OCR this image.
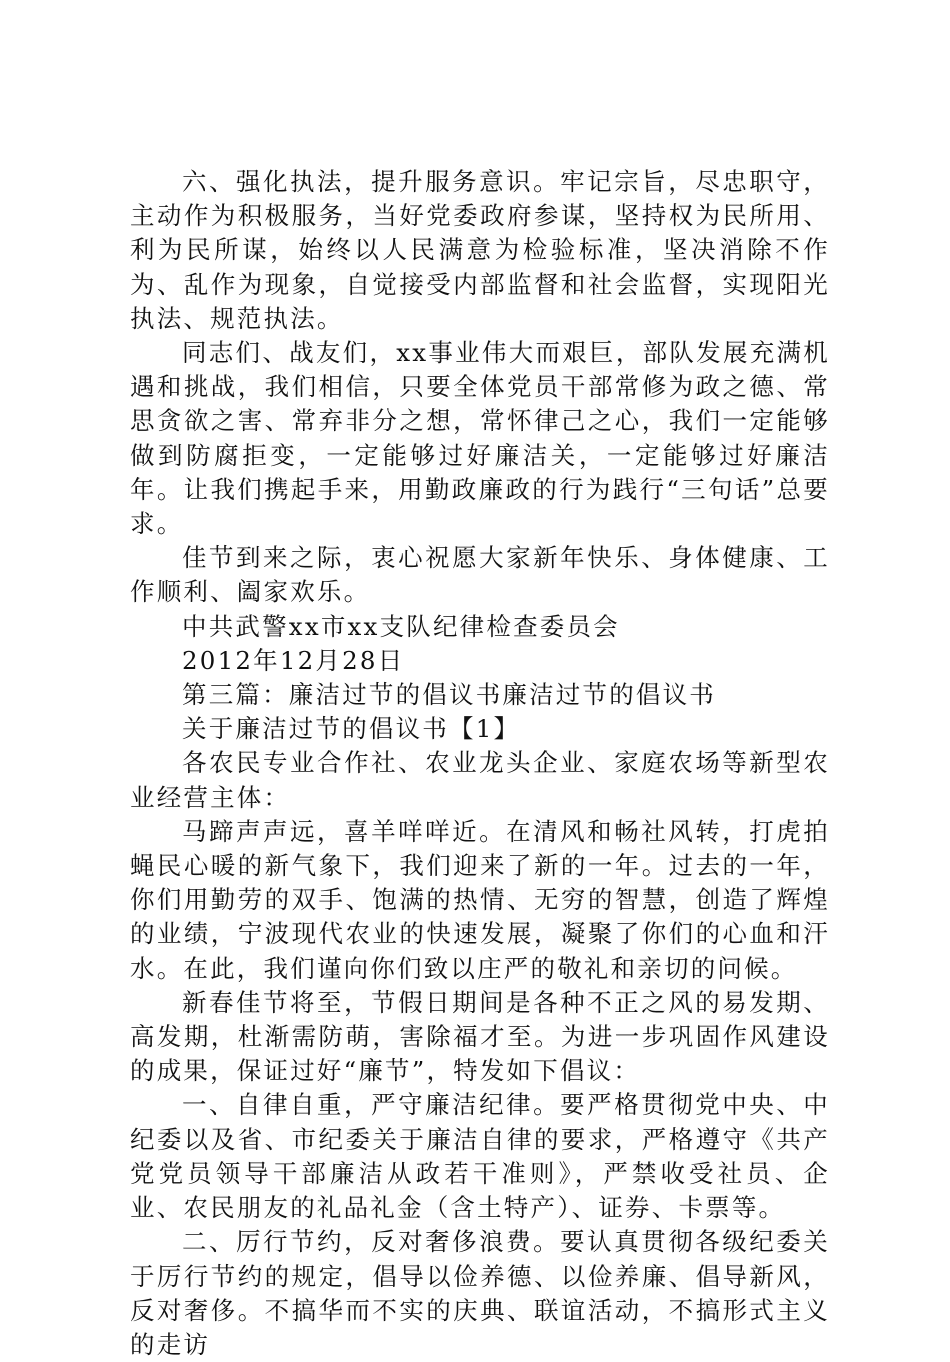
六、强化执法，提升服务意识。牢记宗旨，尽忠职守，主动作为积极服务，当好党委政府参谋，坚持权为民所用、利为民所谋，始终以人民满意为检验标准，坚决消除不作为、乱作为现象，自觉接受内部监督和社会监督，实现阳光执法、规范执法。

同志们、战友们，xx事业伟大而艰巨，部队发展充满机遇和挑战，我们相信，只要全体党员干部常修为政之德、常思贪欲之害、常弃非分之想，常怀律己之心，我们一定能够做到防腐拒变，一定能够过好廉洁关，一定能够过好廉洁年。让我们携起手来，用勤政廉政的行为践行“三句话”总要求。

佳节到来之际，衷心祝愿大家新年快乐、身体健康、工作顺利、阖家欢乐。

中共武警xx市xx支队纪律检查委员会

2012年12月28日

第三篇：廉洁过节的倡议书廉洁过节的倡议书

关于廉洁过节的倡议书【1】

各农民专业合作社、农业龙头企业、家庭农场等新型农业经营主体：

马蹄声声远，喜羊咩咩近。在清风和畅社风转，打虎拍蝇民心暖的新气象下，我们迎来了新的一年。过去的一年，你们用勤劳的双手、饱满的热情、无穷的智慧，创造了辉煌的业绩，宁波现代农业的快速发展，凝聚了你们的心血和汗水。在此，我们谨向你们致以庄严的敬礼和亲切的问候。

新春佳节将至，节假日期间是各种不正之风的易发期、高发期，杜渐需防萌，害除福才至。为进一步巩固作风建设的成果，保证过好“廉节”，特发如下倡议：

一、自律自重，严守廉洁纪律。要严格贯彻党中央、中纪委以及省、市纪委关于廉洁自律的要求，严格遵守《共产党党员领导干部廉洁从政若干准则》，严禁收受社员、企业、农民朋友的礼品礼金（含土特产）、证券、卡票等。

二、厉行节约，反对奢侈浪费。要认真贯彻各级纪委关于厉行节约的规定，倡导以俭养德、以俭养廉、倡导新风，反对奢侈。不搞华而不实的庆典、联谊活动，不搞形式主义的走访
